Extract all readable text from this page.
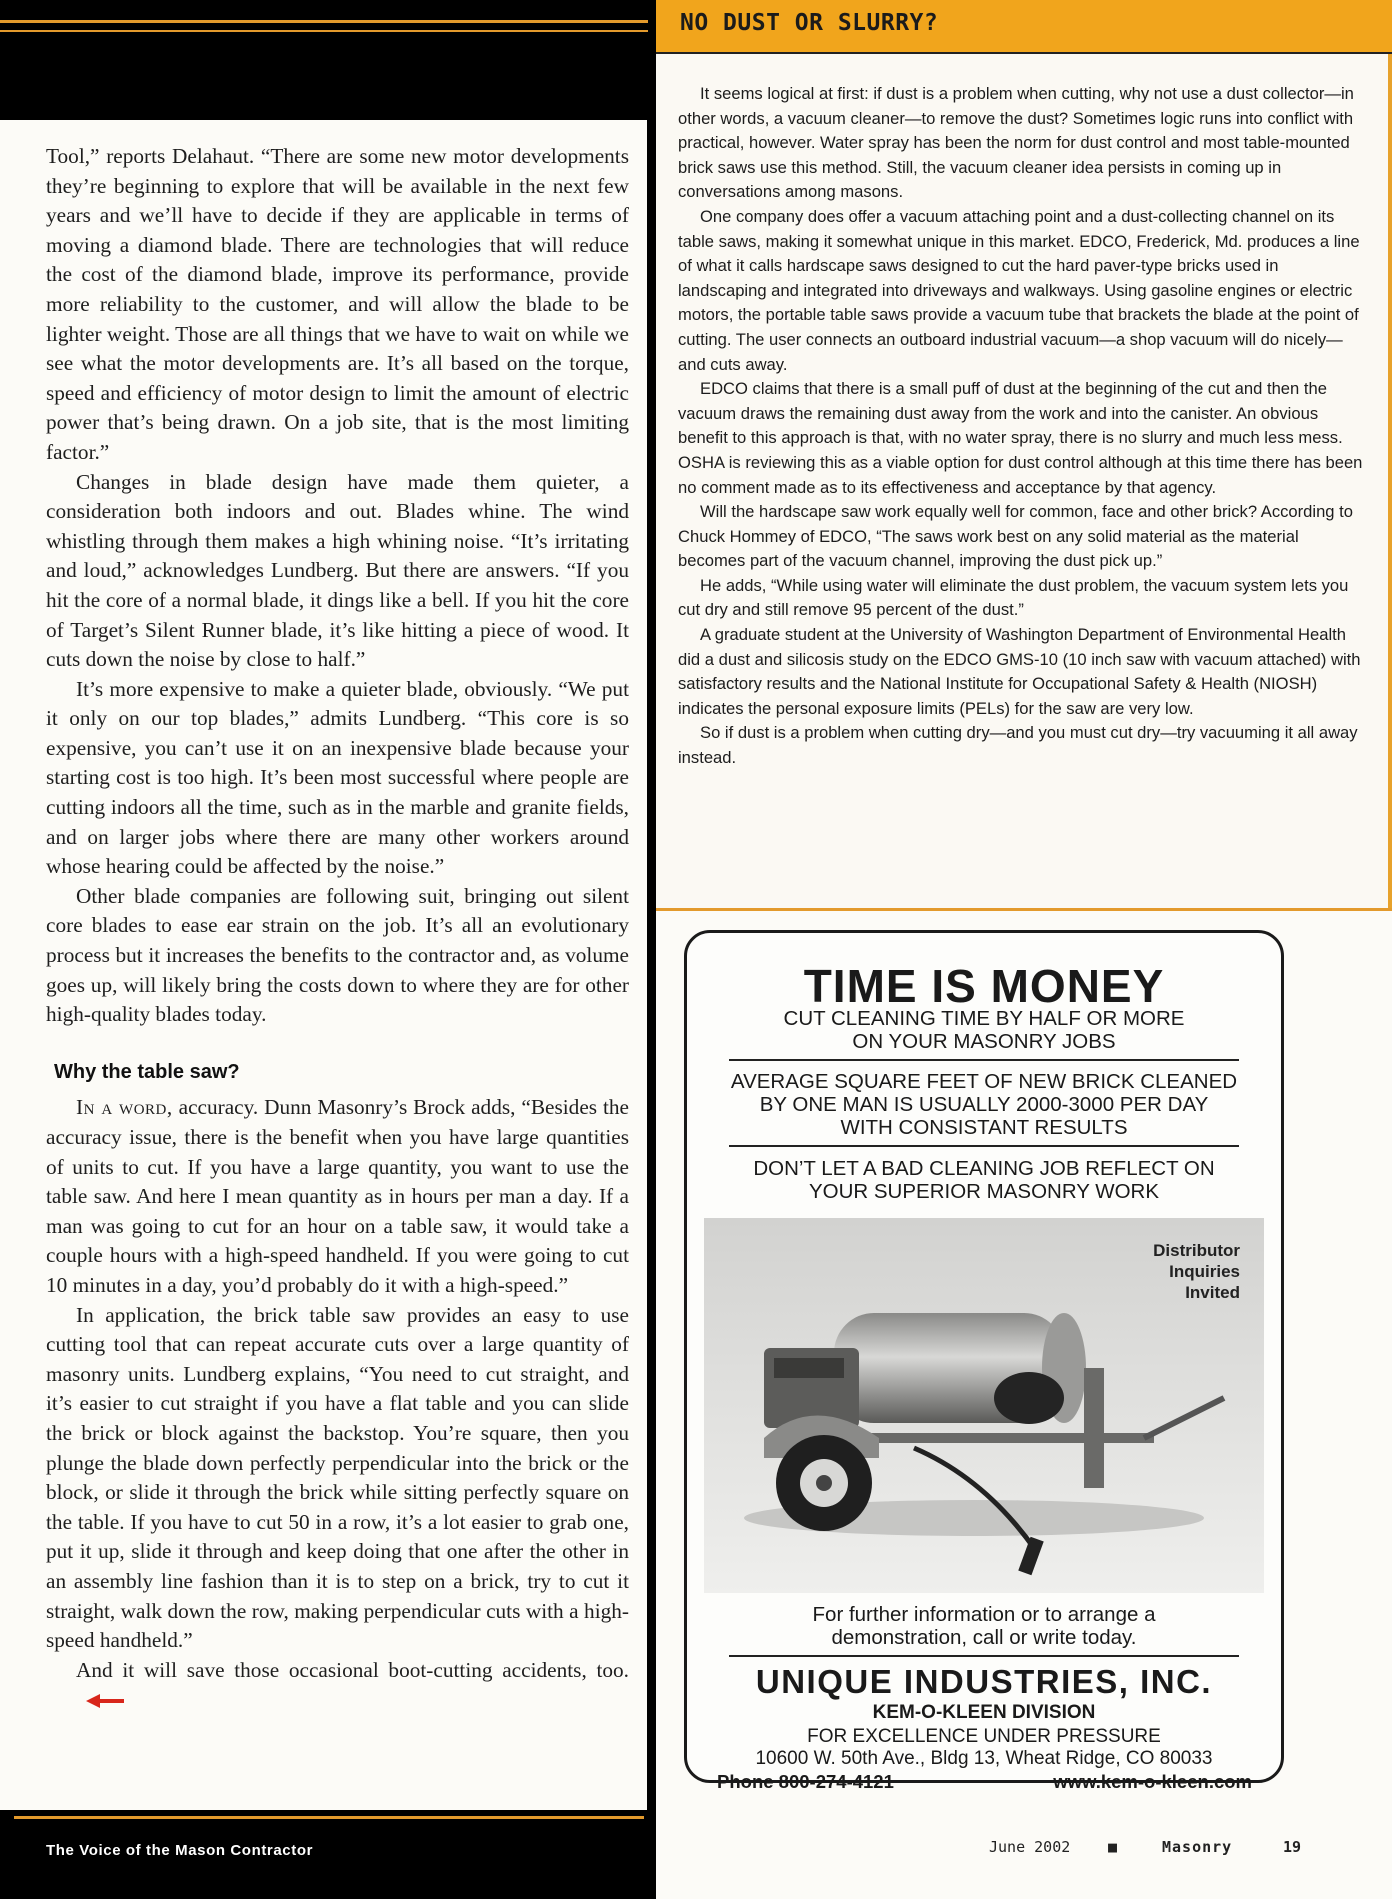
Tool,” reports Delahaut. “There are some new motor developments they’re beginning to explore that will be available in the next few years and we’ll have to decide if they are applicable in terms of moving a diamond blade. There are technologies that will reduce the cost of the diamond blade, improve its performance, provide more reliability to the customer, and will allow the blade to be lighter weight. Those are all things that we have to wait on while we see what the motor developments are. It’s all based on the torque, speed and efficiency of motor design to limit the amount of electric power that’s being drawn. On a job site, that is the most limiting factor.”

Changes in blade design have made them quieter, a consideration both indoors and out. Blades whine. The wind whistling through them makes a high whining noise. “It’s irritating and loud,” acknowledges Lundberg. But there are answers. “If you hit the core of a normal blade, it dings like a bell. If you hit the core of Target’s Silent Runner blade, it’s like hitting a piece of wood. It cuts down the noise by close to half.”

It’s more expensive to make a quieter blade, obviously. “We put it only on our top blades,” admits Lundberg. “This core is so expensive, you can’t use it on an inexpensive blade because your starting cost is too high. It’s been most successful where people are cutting indoors all the time, such as in the marble and granite fields, and on larger jobs where there are many other workers around whose hearing could be affected by the noise.”

Other blade companies are following suit, bringing out silent core blades to ease ear strain on the job. It’s all an evolutionary process but it increases the benefits to the contractor and, as volume goes up, will likely bring the costs down to where they are for other high-quality blades today.

Why the table saw?

In a word, accuracy. Dunn Masonry’s Brock adds, “Besides the accuracy issue, there is the benefit when you have large quantities of units to cut. If you have a large quantity, you want to use the table saw. And here I mean quantity as in hours per man a day. If a man was going to cut for an hour on a table saw, it would take a couple hours with a high-speed handheld. If you were going to cut 10 minutes in a day, you’d probably do it with a high-speed.”

In application, the brick table saw provides an easy to use cutting tool that can repeat accurate cuts over a large quantity of masonry units. Lundberg explains, “You need to cut straight, and it’s easier to cut straight if you have a flat table and you can slide the brick or block against the backstop. You’re square, then you plunge the blade down perfectly perpendicular into the brick or the block, or slide it through the brick while sitting perfectly square on the table. If you have to cut 50 in a row, it’s a lot easier to grab one, put it up, slide it through and keep doing that one after the other in an assembly line fashion than it is to step on a brick, try to cut it straight, walk down the row, making perpendicular cuts with a high-speed handheld.”

And it will save those occasional boot-cutting accidents, too.

The Voice of the Mason Contractor
NO DUST OR SLURRY?

It seems logical at first: if dust is a problem when cutting, why not use a dust collector—in other words, a vacuum cleaner—to remove the dust? Sometimes logic runs into conflict with practical, however. Water spray has been the norm for dust control and most table-mounted brick saws use this method. Still, the vacuum cleaner idea persists in coming up in conversations among masons.

One company does offer a vacuum attaching point and a dust-collecting channel on its table saws, making it somewhat unique in this market. EDCO, Frederick, Md. produces a line of what it calls hardscape saws designed to cut the hard paver-type bricks used in landscaping and integrated into driveways and walkways. Using gasoline engines or electric motors, the portable table saws provide a vacuum tube that brackets the blade at the point of cutting. The user connects an outboard industrial vacuum—a shop vacuum will do nicely—and cuts away.

EDCO claims that there is a small puff of dust at the beginning of the cut and then the vacuum draws the remaining dust away from the work and into the canister. An obvious benefit to this approach is that, with no water spray, there is no slurry and much less mess. OSHA is reviewing this as a viable option for dust control although at this time there has been no comment made as to its effectiveness and acceptance by that agency.

Will the hardscape saw work equally well for common, face and other brick? According to Chuck Hommey of EDCO, “The saws work best on any solid material as the material becomes part of the vacuum channel, improving the dust pick up.”

He adds, “While using water will eliminate the dust problem, the vacuum system lets you cut dry and still remove 95 percent of the dust.”

A graduate student at the University of Washington Department of Environmental Health did a dust and silicosis study on the EDCO GMS-10 (10 inch saw with vacuum attached) with satisfactory results and the National Institute for Occupational Safety & Health (NIOSH) indicates the personal exposure limits (PELs) for the saw are very low.

So if dust is a problem when cutting dry—and you must cut dry—try vacuuming it all away instead.

TIME IS MONEY
CUT CLEANING TIME BY HALF OR MORE
ON YOUR MASONRY JOBS
AVERAGE SQUARE FEET OF NEW BRICK CLEANED
BY ONE MAN IS USUALLY 2000-3000 PER DAY
WITH CONSISTANT RESULTS
DON’T LET A BAD CLEANING JOB REFLECT ON
YOUR SUPERIOR MASONRY WORK
Distributor
Inquiries
Invited
For further information or to arrange a
demonstration, call or write today.
UNIQUE INDUSTRIES, INC.
KEM-O-KLEEN DIVISION
FOR EXCELLENCE UNDER PRESSURE
10600 W. 50th Ave., Bldg 13, Wheat Ridge, CO 80033
Phone 800-274-4121	www.kem-o-kleen.com
June 2002	■	Masonry	19
